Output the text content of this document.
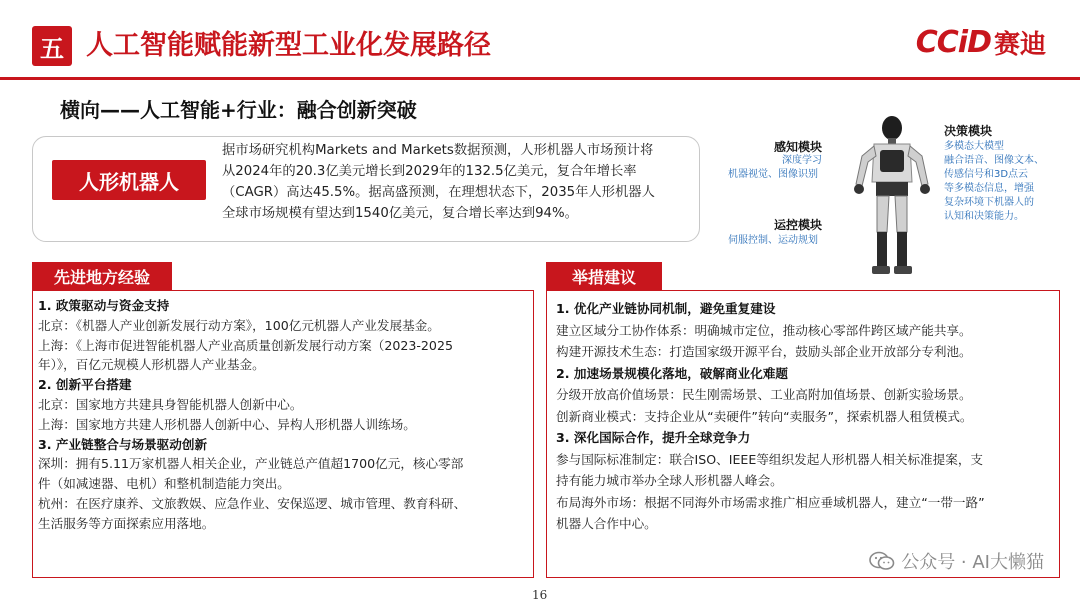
五 人工智能赋能新型工业化发展路径	CCiD 赛迪
横向——人工智能+行业：融合创新突破
人形机器人
据市场研究机构Markets and Markets数据预测，人形机器人市场预计将
从2024年的20.3亿美元增长到2029年的132.5亿美元，复合年增长率
（CAGR）高达45.5%。据高盛预测，在理想状态下，2035年人形机器人
全球市场规模有望达到1540亿美元，复合增长率达到94%。
感知模块
深度学习
机器视觉、图像识别
决策模块
多模态大模型
融合语音、图像文本、
传感信号和3D点云
等多模态信息，增强
复杂环境下机器人的
认知和决策能力。
运控模块
伺服控制、运动规划
先进地方经验
1. 政策驱动与资金支持
北京：《机器人产业创新发展行动方案》，100亿元机器人产业发展基金。
上海：《上海市促进智能机器人产业高质量创新发展行动方案（2023-2025
年）》，百亿元规模人形机器人产业基金。
2. 创新平台搭建
北京：国家地方共建具身智能机器人创新中心。
上海：国家地方共建人形机器人创新中心、异构人形机器人训练场。
3. 产业链整合与场景驱动创新
深圳：拥有5.11万家机器人相关企业，产业链总产值超1700亿元，核心零部
件（如减速器、电机）和整机制造能力突出。
杭州：在医疗康养、文旅教娱、应急作业、安保巡逻、城市管理、教育科研、
生活服务等方面探索应用落地。
举措建议
1. 优化产业链协同机制，避免重复建设
建立区域分工协作体系：明确城市定位，推动核心零部件跨区域产能共享。
构建开源技术生态：打造国家级开源平台，鼓励头部企业开放部分专利池。
2. 加速场景规模化落地，破解商业化难题
分级开放高价值场景：民生刚需场景、工业高附加值场景、创新实验场景。
创新商业模式：支持企业从“卖硬件”转向“卖服务”，探索机器人租赁模式。
3. 深化国际合作，提升全球竞争力
参与国际标准制定：联合ISO、IEEE等组织发起人形机器人相关标准提案，支
持有能力城市举办全球人形机器人峰会。
布局海外市场：根据不同海外市场需求推广相应垂域机器人，建立“一带一路”
机器人合作中心。
公众号 · AI大懒猫
16
